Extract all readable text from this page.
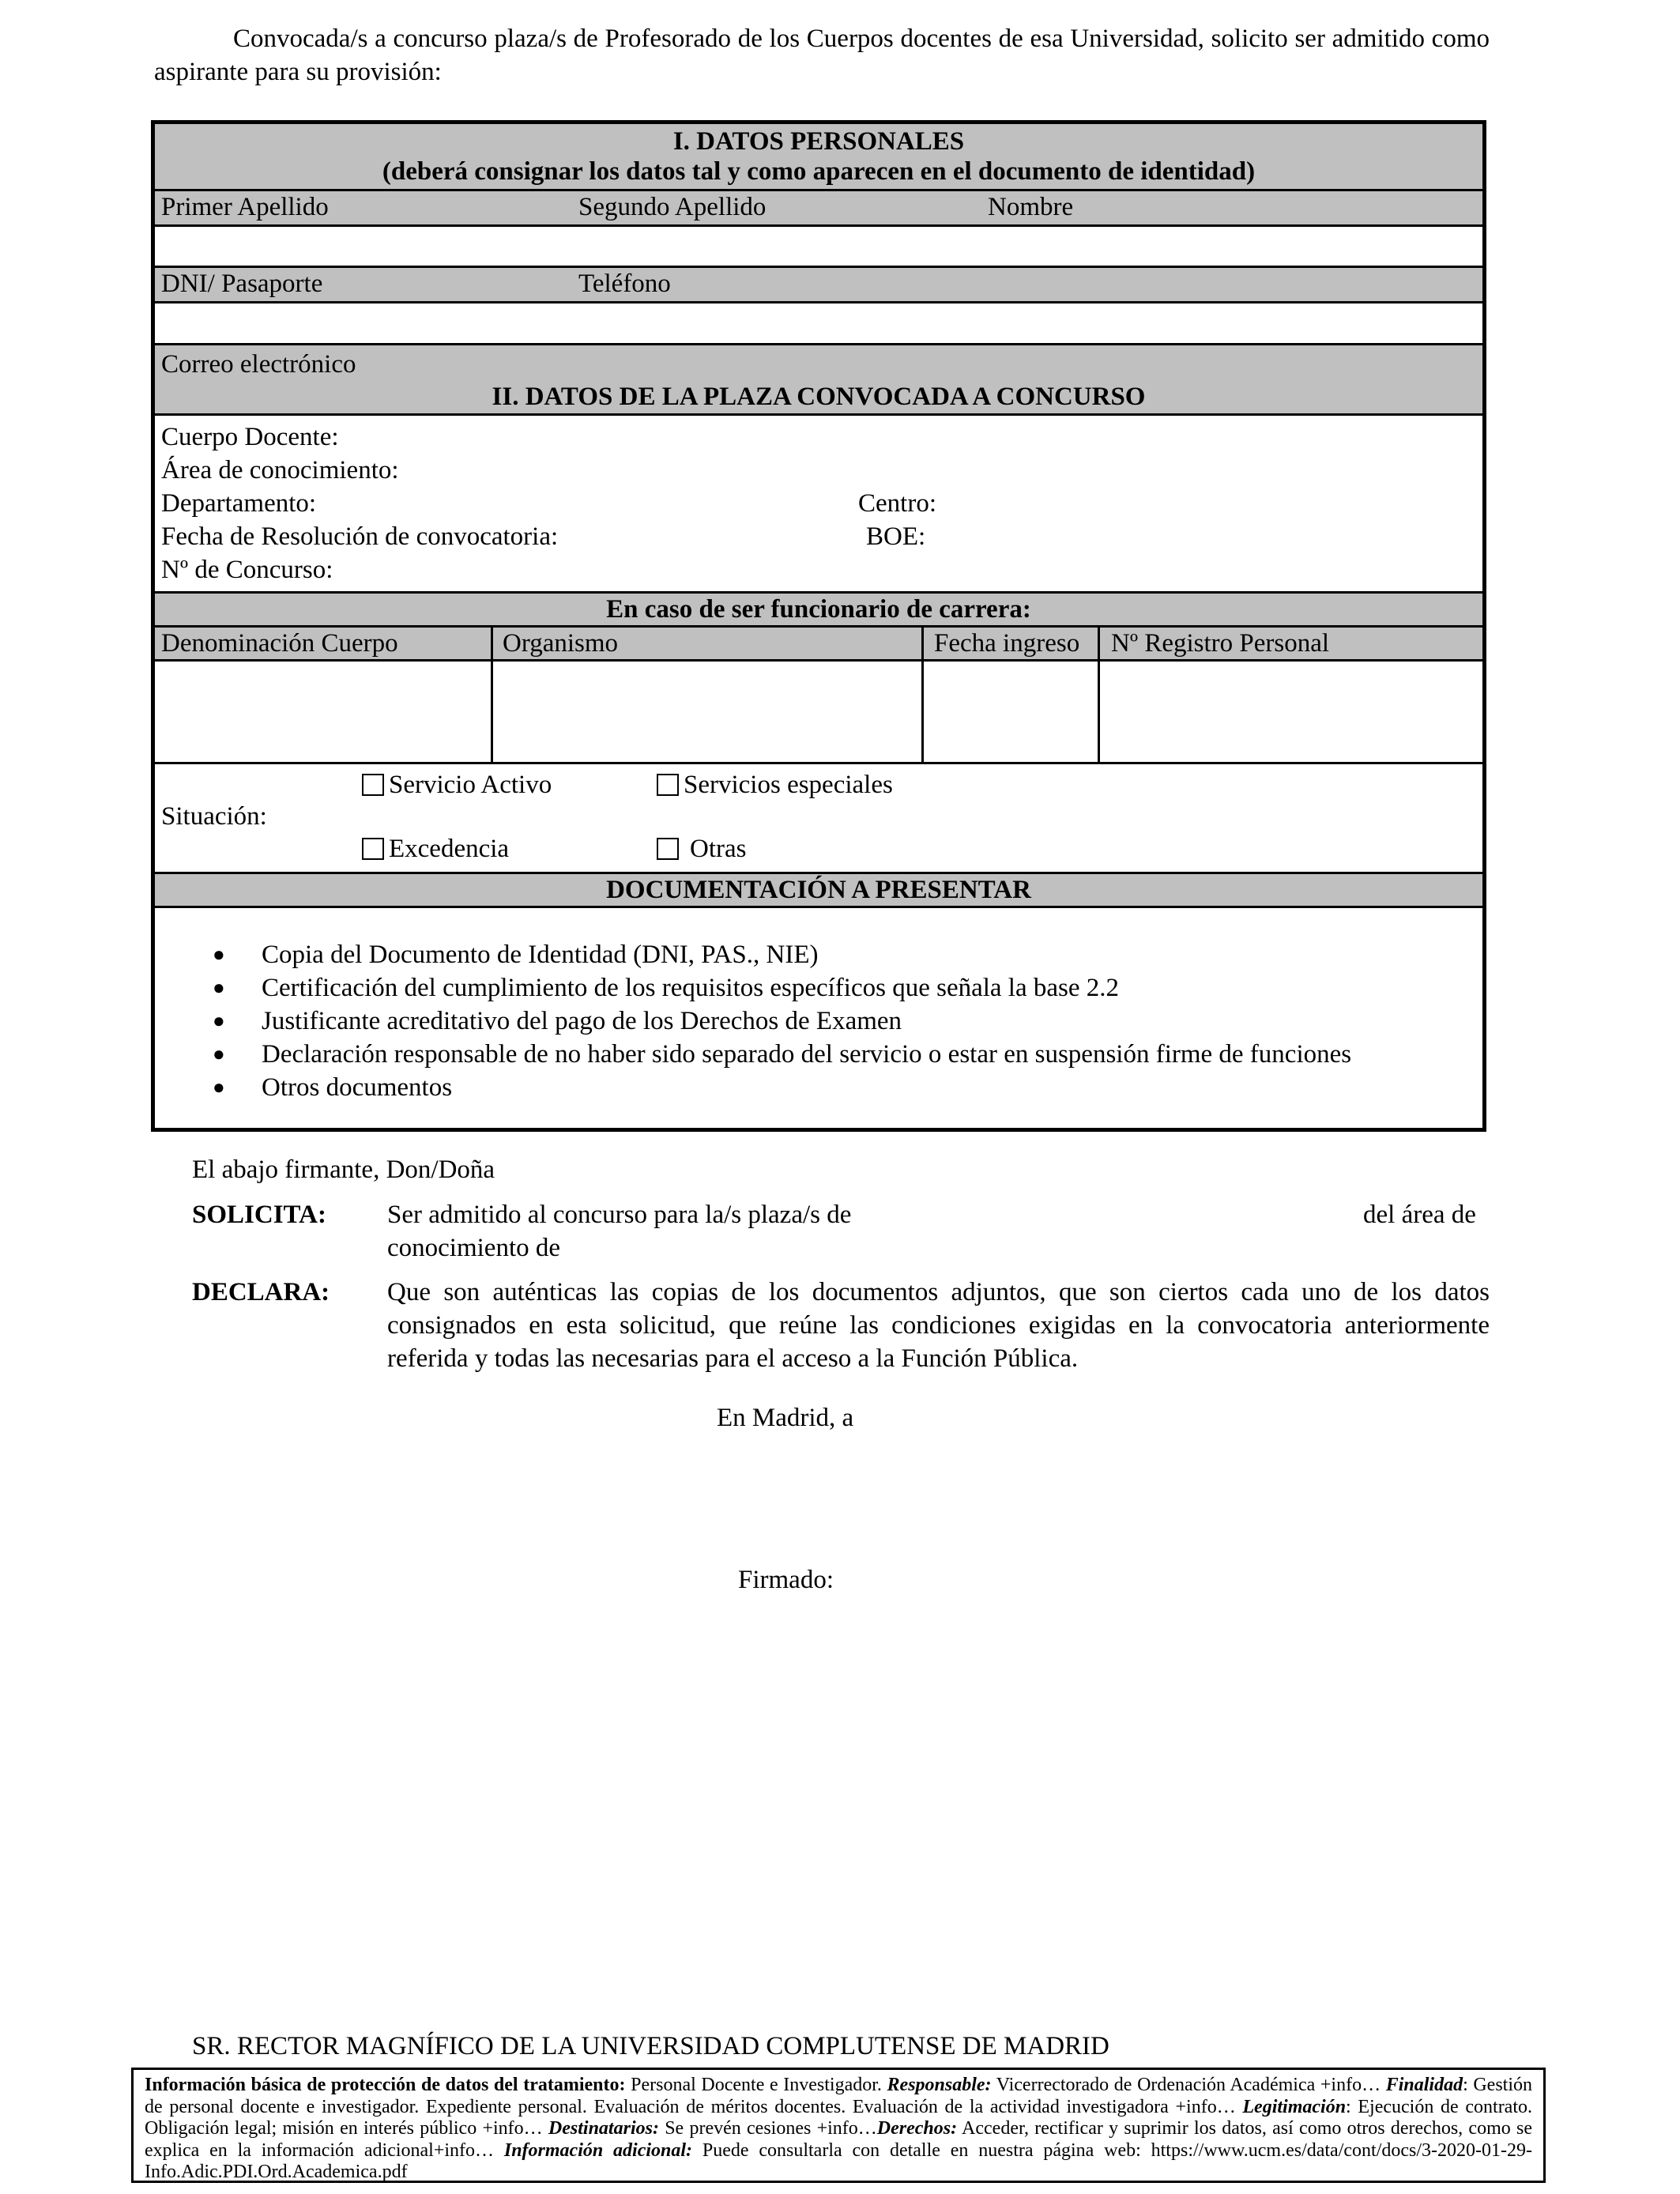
Convocada/s a concurso plaza/s de Profesorado de los Cuerpos docentes de esa Universidad, solicito ser admitido como aspirante para su provisión:
I. DATOS PERSONALES
(deberá consignar los datos tal y como aparecen en el documento de identidad)
Primer Apellido	Segundo Apellido	Nombre
DNI/ Pasaporte	Teléfono
Correo electrónico
II. DATOS DE LA PLAZA CONVOCADA A CONCURSO
Cuerpo Docente:
Área de conocimiento:
Departamento:	Centro:
Fecha de Resolución de convocatoria:	BOE:
Nº de Concurso:
En caso de ser funcionario de carrera:
Denominación Cuerpo	Organismo	Fecha ingreso	Nº Registro Personal
Situación:
Servicio Activo	Servicios especiales
Excedencia	Otras
DOCUMENTACIÓN A PRESENTAR
● Copia del Documento de Identidad (DNI, PAS., NIE)
● Certificación del cumplimiento de los requisitos específicos que señala la base 2.2
● Justificante acreditativo del pago de los Derechos de Examen
● Declaración responsable de no haber sido separado del servicio o estar en suspensión firme de funciones
● Otros documentos
El abajo firmante, Don/Doña
SOLICITA: Ser admitido al concurso para la/s plaza/s de	del área de
conocimiento de
DECLARA: Que son auténticas las copias de los documentos adjuntos, que son ciertos cada uno de los datos consignados en esta solicitud, que reúne las condiciones exigidas en la convocatoria anteriormente referida y todas las necesarias para el acceso a la Función Pública.
En Madrid, a
Firmado:
SR. RECTOR MAGNÍFICO DE LA UNIVERSIDAD COMPLUTENSE DE MADRID
Información básica de protección de datos del tratamiento: Personal Docente e Investigador. Responsable: Vicerrectorado de Ordenación Académica +info… Finalidad: Gestión de personal docente e investigador. Expediente personal. Evaluación de méritos docentes. Evaluación de la actividad investigadora +info… Legitimación: Ejecución de contrato. Obligación legal; misión en interés público +info… Destinatarios: Se prevén cesiones +info…Derechos: Acceder, rectificar y suprimir los datos, así como otros derechos, como se explica en la información adicional+info… Información adicional: Puede consultarla con detalle en nuestra página web: https://www.ucm.es/data/cont/docs/3-2020-01-29-Info.Adic.PDI.Ord.Academica.pdf
